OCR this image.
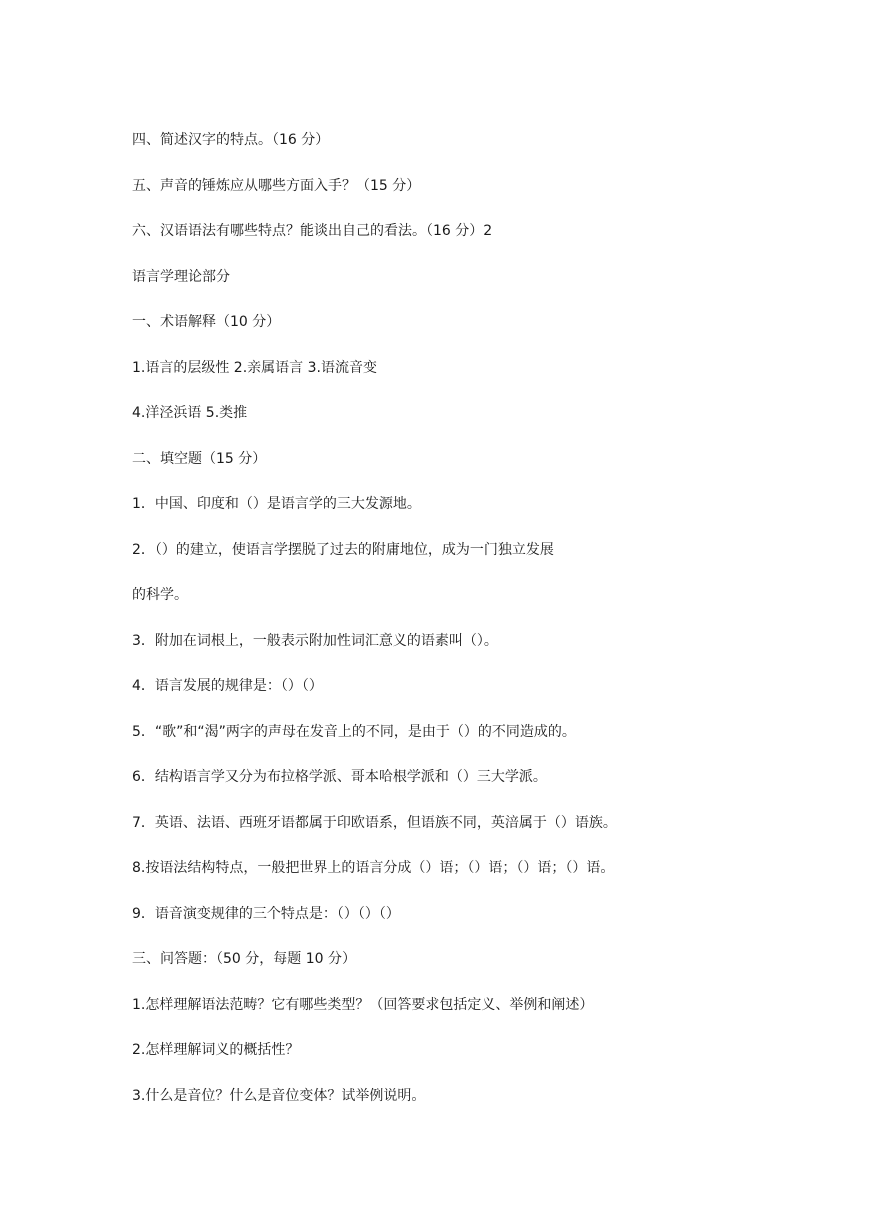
四、简述汉字的特点。（16 分）
五、声音的锤炼应从哪些方面入手？（15 分）
六、汉语语法有哪些特点？能谈出自己的看法。（16 分）2
语言学理论部分
一、术语解释（10 分）
1.语言的层级性 2.亲属语言 3.语流音变
4.洋泾浜语 5.类推
二、填空题（15 分）
1．中国、印度和（）是语言学的三大发源地。
2．（）的建立，使语言学摆脱了过去的附庸地位，成为一门独立发展
的科学。
3．附加在词根上，一般表示附加性词汇意义的语素叫（）。
4．语言发展的规律是：（）（）
5．“歌”和“渴”两字的声母在发音上的不同，是由于（）的不同造成的。
6．结构语言学又分为布拉格学派、哥本哈根学派和（）三大学派。
7．英语、法语、西班牙语都属于印欧语系，但语族不同，英涪属于（）语族。
8.按语法结构特点，一般把世界上的语言分成（）语；（）语；（）语；（）语。
9．语音演变规律的三个特点是：（）（）（）
三、问答题：（50 分，每题 10 分）
1.怎样理解语法范畴？它有哪些类型？（回答要求包括定义、举例和阐述）
2.怎样理解词义的概括性？
3.什么是音位？什么是音位变体？试举例说明。
